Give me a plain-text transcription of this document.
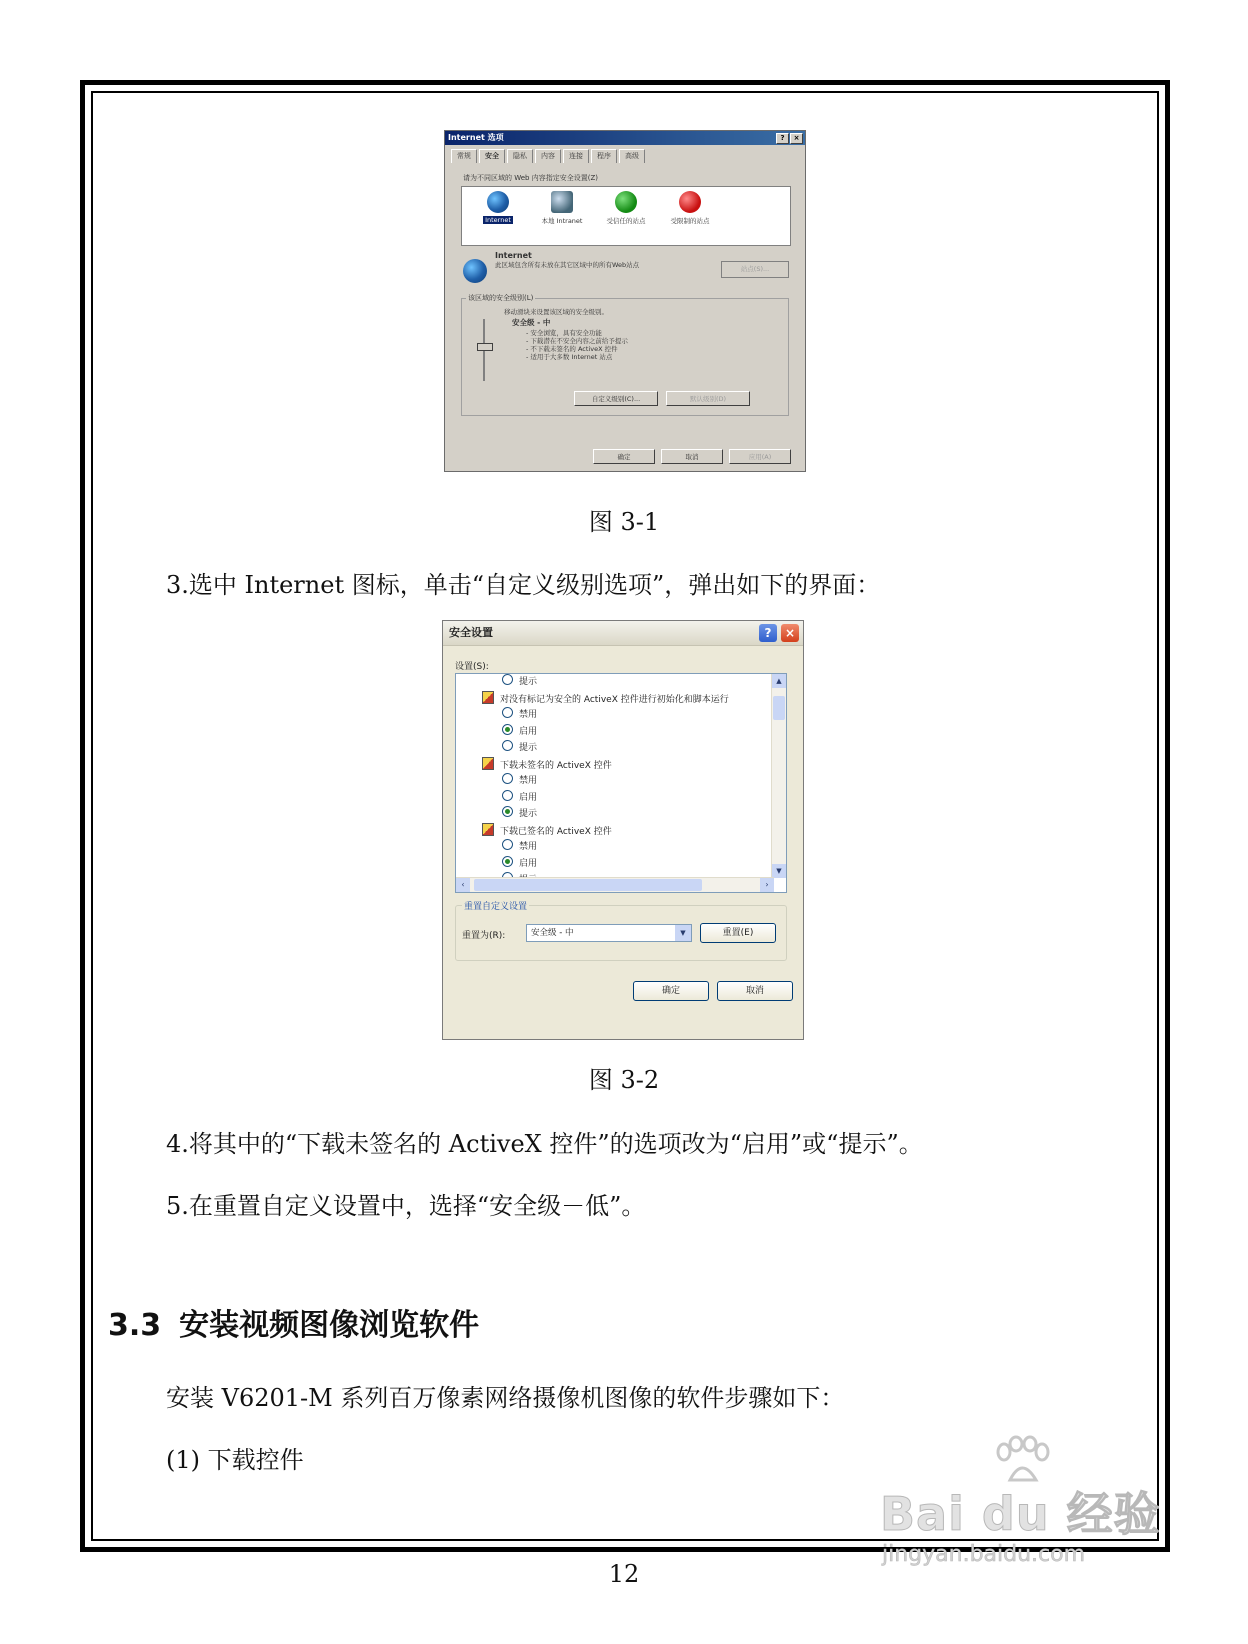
Internet 选项	?	×
常规	安全	隐私	内容	连接	程序	高级
请为不同区域的 Web 内容指定安全设置(Z)
Internet	本地 Intranet	受信任的站点	受限制的站点
Internet
此区域包含所有未放在其它区域中的所有Web站点	站点(S)...
该区域的安全级别(L)
移动滑块来设置该区域的安全级别。
安全级 - 中
- 安全浏览，具有安全功能
- 下载潜在不安全内容之前给予提示
- 不下载未签名的 ActiveX 控件
- 适用于大多数 Internet 站点
自定义级别(C)...	默认级别(D)
确定	取消	应用(A)
图 3-1
3.选中 Internet 图标，单击“自定义级别选项”，弹出如下的界面：
安全设置	?	×
设置(S):
提示
对没有标记为安全的 ActiveX 控件进行初始化和脚本运行
禁用
启用
提示
下载未签名的 ActiveX 控件
禁用
启用
提示
下载已签名的 ActiveX 控件
禁用
启用
▲
▼
‹	›
重置自定义设置
重置为(R):	安全级 - 中	▼	重置(E)
确定	取消
图 3-2
4.将其中的“下载未签名的 ActiveX 控件”的选项改为“启用”或“提示”。
5.在重置自定义设置中，选择“安全级－低”。
3.3 安装视频图像浏览软件
安装 V6201-M 系列百万像素网络摄像机图像的软件步骤如下：
(1) 下载控件
12
Bai du 经验
jingyan.baidu.com
